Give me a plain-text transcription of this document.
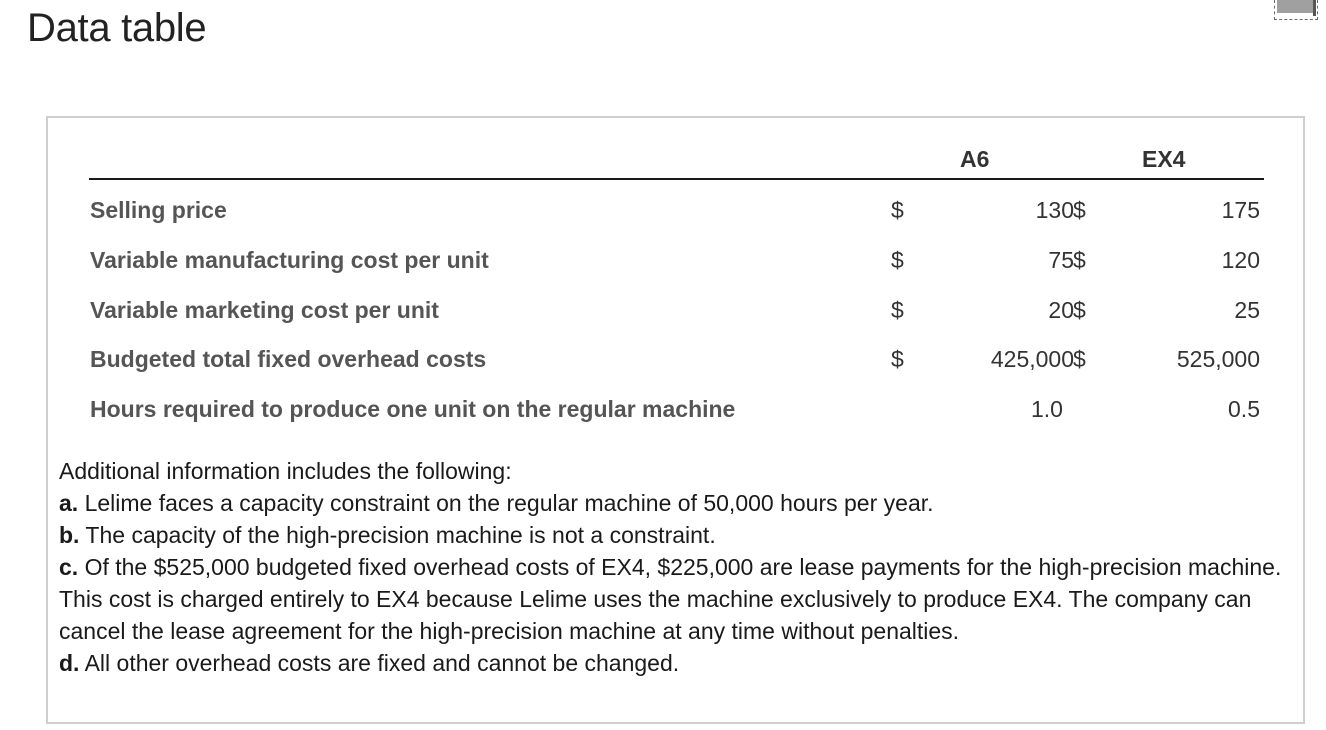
Data table
A6	EX4
Selling price	$	130 $	175
Variable manufacturing cost per unit	$	75 $	120
Variable marketing cost per unit	$	20 $	25
Budgeted total fixed overhead costs	$	425,000 $	525,000
Hours required to produce one unit on the regular machine	1.0	0.5

Additional information includes the following:

a. Lelime faces a capacity constraint on the regular machine of 50,000 hours per year.

b. The capacity of the high-precision machine is not a constraint.

c. Of the $525,000 budgeted fixed overhead costs of EX4, $225,000 are lease payments for the high-precision machine. This cost is charged entirely to EX4 because Lelime uses the machine exclusively to produce EX4. The company can cancel the lease agreement for the high-precision machine at any time without penalties.

d. All other overhead costs are fixed and cannot be changed.
